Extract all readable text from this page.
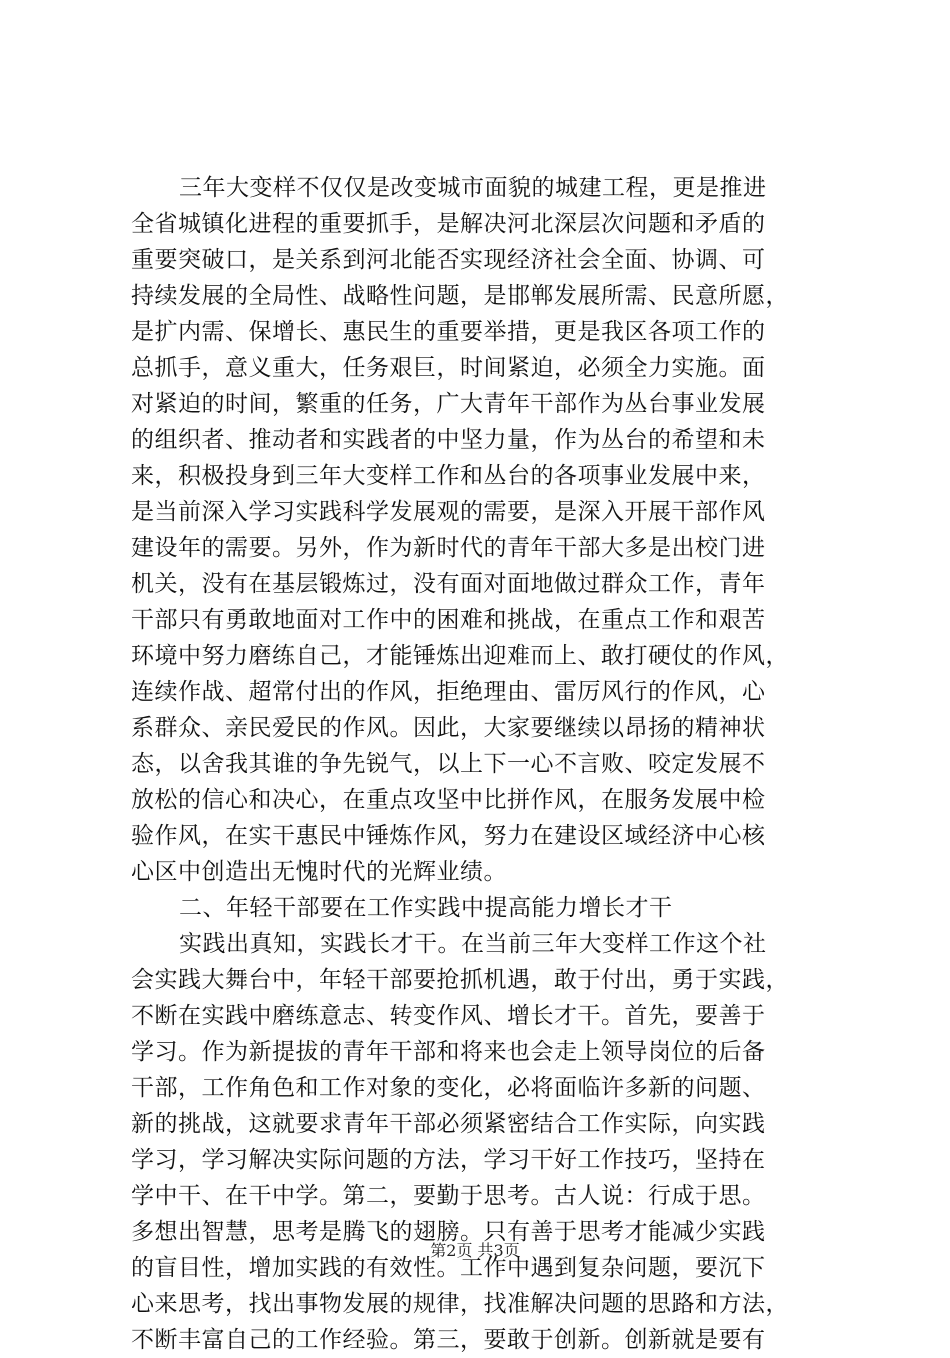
三年大变样不仅仅是改变城市面貌的城建工程，更是推进
全省城镇化进程的重要抓手，是解决河北深层次问题和矛盾的
重要突破口，是关系到河北能否实现经济社会全面、协调、可
持续发展的全局性、战略性问题，是邯郸发展所需、民意所愿，
是扩内需、保增长、惠民生的重要举措，更是我区各项工作的
总抓手，意义重大，任务艰巨，时间紧迫，必须全力实施。面
对紧迫的时间，繁重的任务，广大青年干部作为丛台事业发展
的组织者、推动者和实践者的中坚力量，作为丛台的希望和未
来，积极投身到三年大变样工作和丛台的各项事业发展中来，
是当前深入学习实践科学发展观的需要，是深入开展干部作风
建设年的需要。另外，作为新时代的青年干部大多是出校门进
机关，没有在基层锻炼过，没有面对面地做过群众工作，青年
干部只有勇敢地面对工作中的困难和挑战，在重点工作和艰苦
环境中努力磨练自己，才能锤炼出迎难而上、敢打硬仗的作风，
连续作战、超常付出的作风，拒绝理由、雷厉风行的作风，心
系群众、亲民爱民的作风。因此，大家要继续以昂扬的精神状
态，以舍我其谁的争先锐气，以上下一心不言败、咬定发展不
放松的信心和决心，在重点攻坚中比拼作风，在服务发展中检
验作风，在实干惠民中锤炼作风，努力在建设区域经济中心核
心区中创造出无愧时代的光辉业绩。
二、年轻干部要在工作实践中提高能力增长才干
实践出真知，实践长才干。在当前三年大变样工作这个社
会实践大舞台中，年轻干部要抢抓机遇，敢于付出，勇于实践，
不断在实践中磨练意志、转变作风、增长才干。首先，要善于
学习。作为新提拔的青年干部和将来也会走上领导岗位的后备
干部，工作角色和工作对象的变化，必将面临许多新的问题、
新的挑战，这就要求青年干部必须紧密结合工作实际，向实践
学习，学习解决实际问题的方法，学习干好工作技巧，坚持在
学中干、在干中学。第二，要勤于思考。古人说：行成于思。
多想出智慧，思考是腾飞的翅膀。只有善于思考才能减少实践
的盲目性，增加实践的有效性。工作中遇到复杂问题，要沉下
心来思考，找出事物发展的规律，找准解决问题的思路和方法，
不断丰富自己的工作经验。第三，要敢于创新。创新就是要有
第2页 共3页
